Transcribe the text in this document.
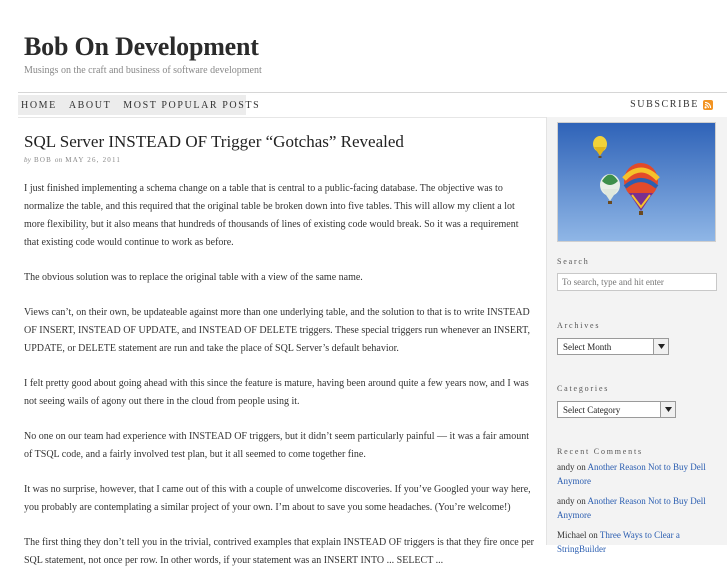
Bob On Development
Musings on the craft and business of software development
HOME	ABOUT	MOST POPULAR POSTS	SUBSCRIBE
SQL Server INSTEAD OF Trigger “Gotchas” Revealed
by BOB on MAY 26, 2011

I just finished implementing a schema change on a table that is central to a public-facing database. The objective was to normalize the table, and this required that the original table be broken down into five tables. This will allow my client a lot more flexibility, but it also means that hundreds of thousands of lines of existing code would break. So it was a requirement that existing code would continue to work as before.

The obvious solution was to replace the original table with a view of the same name.

Views can’t, on their own, be updateable against more than one underlying table, and the solution to that is to write INSTEAD OF INSERT, INSTEAD OF UPDATE, and INSTEAD OF DELETE triggers. These special triggers run whenever an INSERT, UPDATE, or DELETE statement are run and take the place of SQL Server’s default behavior.

I felt pretty good about going ahead with this since the feature is mature, having been around quite a few years now, and I was not seeing wails of agony out there in the cloud from people using it.

No one on our team had experience with INSTEAD OF triggers, but it didn’t seem particularly painful — it was a fair amount of TSQL code, and a fairly involved test plan, but it all seemed to come together fine.

It was no surprise, however, that I came out of this with a couple of unwelcome discoveries. If you’ve Googled your way here, you probably are contemplating a similar project of your own. I’m about to save you some headaches. (You’re welcome!)

The first thing they don’t tell you in the trivial, contrived examples that explain INSTEAD OF triggers is that they fire once per SQL statement, not once per row. In other words, if your statement was an INSERT INTO ... SELECT ...

Search
To search, type and hit enter
Archives
Select Month
Categories
Select Category
Recent Comments
andy on Another Reason Not to Buy Dell Anymore
andy on Another Reason Not to Buy Dell Anymore
Michael on Three Ways to Clear a StringBuilder
